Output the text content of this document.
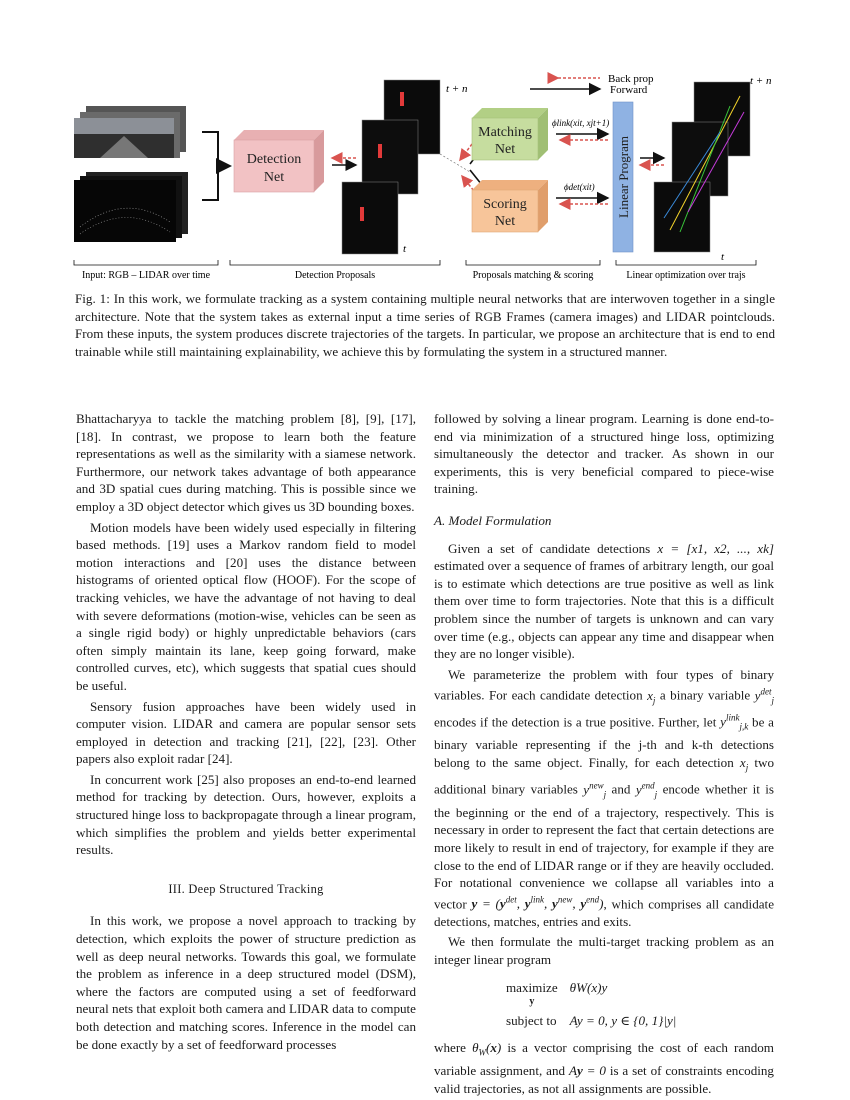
Detection
Net
t + n
t
Matching
Net
Scoring
Net
ϕlink(xit, xjt+1)
ϕdet(xit)
Back prop
Forward
Linear Program
t + n
t
Input: RGB – LIDAR over time	Detection Proposals	Proposals matching & scoring	Linear optimization over trajs
Fig. 1: In this work, we formulate tracking as a system containing multiple neural networks that are interwoven together in a single architecture. Note that the system takes as external input a time series of RGB Frames (camera images) and LIDAR pointclouds. From these inputs, the system produces discrete trajectories of the targets. In particular, we propose an architecture that is end to end trainable while still maintaining explainability, we achieve this by formulating the system in a structured manner.

Bhattacharyya to tackle the matching problem [8], [9], [17], [18]. In contrast, we propose to learn both the feature representations as well as the similarity with a siamese network. Furthermore, our network takes advantage of both appearance and 3D spatial cues during matching. This is possible since we employ a 3D object detector which gives us 3D bounding boxes.

Motion models have been widely used especially in filtering based methods. [19] uses a Markov random field to model motion interactions and [20] uses the distance between histograms of oriented optical flow (HOOF). For the scope of tracking vehicles, we have the advantage of not having to deal with severe deformations (motion-wise, vehicles can be seen as a single rigid body) or highly unpredictable behaviors (cars often simply maintain its lane, keep going forward, make controlled curves, etc), which suggests that spatial cues should be useful.

Sensory fusion approaches have been widely used in computer vision. LIDAR and camera are popular sensor sets employed in detection and tracking [21], [22], [23]. Other papers also exploit radar [24].

In concurrent work [25] also proposes an end-to-end learned method for tracking by detection. Ours, however, exploits a structured hinge loss to backpropagate through a linear program, which simplifies the problem and yields better experimental results.

III. Deep Structured Tracking

In this work, we propose a novel approach to tracking by detection, which exploits the power of structure prediction as well as deep neural networks. Towards this goal, we formulate the problem as inference in a deep structured model (DSM), where the factors are computed using a set of feedforward neural nets that exploit both camera and LIDAR data to compute both detection and matching scores. Inference in the model can be done exactly by a set of feedforward processes

followed by solving a linear program. Learning is done end-to-end via minimization of a structured hinge loss, optimizing simultaneously the detector and tracker. As shown in our experiments, this is very beneficial compared to piece-wise training.

A. Model Formulation

Given a set of candidate detections x = [x1, x2, ..., xk] estimated over a sequence of frames of arbitrary length, our goal is to estimate which detections are true positive as well as link them over time to form trajectories. Note that this is a difficult problem since the number of targets is unknown and can vary over time (e.g., objects can appear any time and disappear when they are no longer visible).

We parameterize the problem with four types of binary variables. For each candidate detection $x_j$ a binary variable $y^{det}_j$ encodes if the detection is a true positive. Further, let $y^{link}_{j,k}$ be a binary variable representing if the j-th and k-th detections belong to the same object. Finally, for each detection $x_j$ two additional binary variables $y^{new}_j$ and $y^{end}_j$ encode whether it is the beginning or the end of a trajectory, respectively. This is necessary in order to represent the fact that certain detections are more likely to result in end of trajectory, for example if they are close to the end of LIDAR range or if they are heavily occluded. For notational convenience we collapse all variables into a vector $y = (y^{det}$, $y^{link}$, $y^{new}$, $y^{end}$), which comprises all candidate detections, matches, entries and exits.

We then formulate the multi-target tracking problem as an integer linear program

maximize
y	θW(x)y
subject to	Ay = 0, y ∈ {0, 1}|y|

where $\theta_W(x)$ is a vector comprising the cost of each random variable assignment, and Ay = 0 is a set of constraints encoding valid trajectories, as not all assignments are possible.
